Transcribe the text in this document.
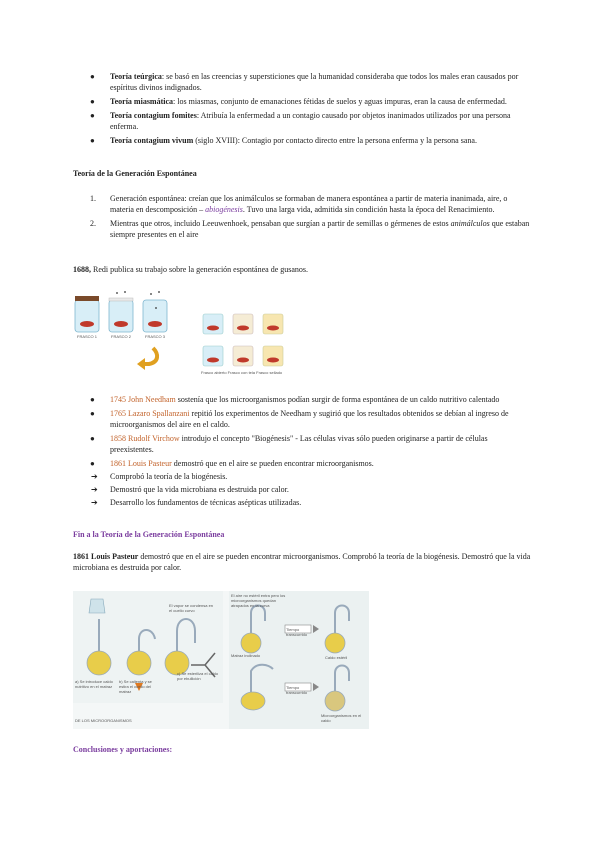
● Teoría teúrgica: se basó en las creencias y supersticiones que la humanidad consideraba que todos los males eran causados por espíritus divinos indignados.
● Teoría miasmática: los miasmas, conjunto de emanaciones fétidas de suelos y aguas impuras, eran la causa de enfermedad.
● Teoría contagium fomites: Atribuía la enfermedad a un contagio causado por objetos inanimados utilizados por una persona enferma.
● Teoría contagium vivum (siglo XVIII): Contagio por contacto directo entre la persona enferma y la persona sana.
Teoría de la Generación Espontánea
1. Generación espontánea: creían que los animálculos se formaban de manera espontánea a partir de materia inanimada, aire, o materia en descomposición – abiogénesis. Tuvo una larga vida, admitida sin condición hasta la época del Renacimiento.
2. Mientras que otros, incluido Leeuwenhoek, pensaban que surgían a partir de semillas o gérmenes de estos animálculos que estaban siempre presentes en el aire
1688, Redi publica su trabajo sobre la generación espontánea de gusanos.
FRASCO 1	FRASCO 2	FRASCO 3
Frasco abierto Frasco con tela Frasco sellado
● 1745 John Needham sostenía que los microorganismos podían surgir de forma espontánea de un caldo nutritivo calentado
● 1765 Lazaro Spallanzani repitió los experimentos de Needham y sugirió que los resultados obtenidos se debían al ingreso de microorganismos del aire en el caldo.
● 1858 Rudolf Virchow introdujo el concepto "Biogénesis" - Las células vivas sólo pueden originarse a partir de células preexistentes.
● 1861 Louis Pasteur demostró que en el aire se pueden encontrar microorganismos.
➔ Comprobó la teoría de la biogénesis.
➔ Demostró que la vida microbiana es destruida por calor.
➔ Desarrollo los fundamentos de técnicas asépticas utilizadas.
Fin a la Teoría de la Generación Espontánea
1861 Louis Pasteur demostró que en el aire se pueden encontrar microorganismos. Comprobó la teoría de la biogénesis. Demostró que la vida microbiana es destruida por calor.
a) Se introduce caldo nutritivo en el matraz
b) Se calienta y se estira el cuello del matraz
c) Se esteriliza el caldo por ebullición
El vapor se condensa en el cuello curvo
El aire no estéril entra pero los microorganismos quedan atrapados en la curva
Matraz inclinado	Caldo estéril
Microorganismos en el caldo
Tiempo transcurrido
Tiempo transcurrido
DE LOS MICROORGANISMOS
Conclusiones y aportaciones:
